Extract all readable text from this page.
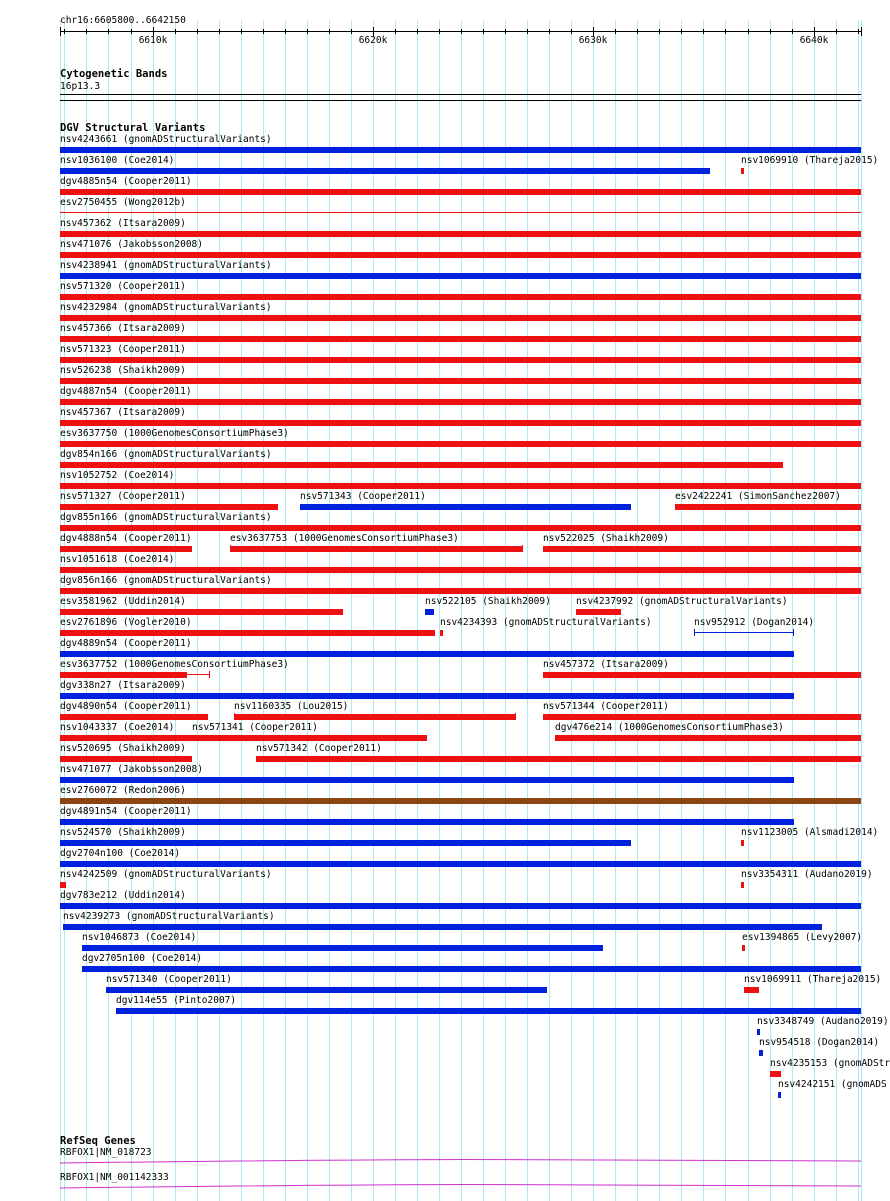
chr16:6605800..6642150
6610k	6620k	6630k	6640k
Cytogenetic Bands
16p13.3
DGV Structural Variants
nsv4243661 (gnomADStructuralVariants)
nsv1036100 (Coe2014)	nsv1069910 (Thareja2015)
dgv4885n54 (Cooper2011)
esv2750455 (Wong2012b)
nsv457362 (Itsara2009)
nsv471076 (Jakobsson2008)
nsv4238941 (gnomADStructuralVariants)
nsv571320 (Cooper2011)
nsv4232984 (gnomADStructuralVariants)
nsv457366 (Itsara2009)
nsv571323 (Cooper2011)
nsv526238 (Shaikh2009)
dgv4887n54 (Cooper2011)
nsv457367 (Itsara2009)
esv3637750 (1000GenomesConsortiumPhase3)
dgv854n166 (gnomADStructuralVariants)
nsv1052752 (Coe2014)
nsv571327 (Cooper2011)	nsv571343 (Cooper2011)	esv2422241 (SimonSanchez2007)
dgv855n166 (gnomADStructuralVariants)
dgv4888n54 (Cooper2011)	esv3637753 (1000GenomesConsortiumPhase3)	nsv522025 (Shaikh2009)
nsv1051618 (Coe2014)
dgv856n166 (gnomADStructuralVariants)
esv3581962 (Uddin2014)	nsv522105 (Shaikh2009)	nsv4237992 (gnomADStructuralVariants)
esv2761896 (Vogler2010)	nsv4234393 (gnomADStructuralVariants)	nsv952912 (Dogan2014)
dgv4889n54 (Cooper2011)
esv3637752 (1000GenomesConsortiumPhase3)	nsv457372 (Itsara2009)
dgv338n27 (Itsara2009)
dgv4890n54 (Cooper2011)	nsv1160335 (Lou2015)	nsv571344 (Cooper2011)
nsv1043337 (Coe2014) nsv571341 (Cooper2011)	dgv476e214 (1000GenomesConsortiumPhase3)
nsv520695 (Shaikh2009)	nsv571342 (Cooper2011)
nsv471077 (Jakobsson2008)
esv2760072 (Redon2006)
dgv4891n54 (Cooper2011)
nsv524570 (Shaikh2009)	nsv1123005 (Alsmadi2014)
dgv2704n100 (Coe2014)
nsv4242509 (gnomADStructuralVariants)	nsv3354311 (Audano2019)
dgv783e212 (Uddin2014)
nsv4239273 (gnomADStructuralVariants)
nsv1046873 (Coe2014)	esv1394865 (Levy2007)
dgv2705n100 (Coe2014)
nsv571340 (Cooper2011)	nsv1069911 (Thareja2015)
dgv114e55 (Pinto2007)
nsv3348749 (Audano2019)
nsv954518 (Dogan2014)
nsv4235153 (gnomADStr
nsv4242151 (gnomADS
RefSeq Genes
RBFOX1|NM_018723
RBFOX1|NM_001142333
